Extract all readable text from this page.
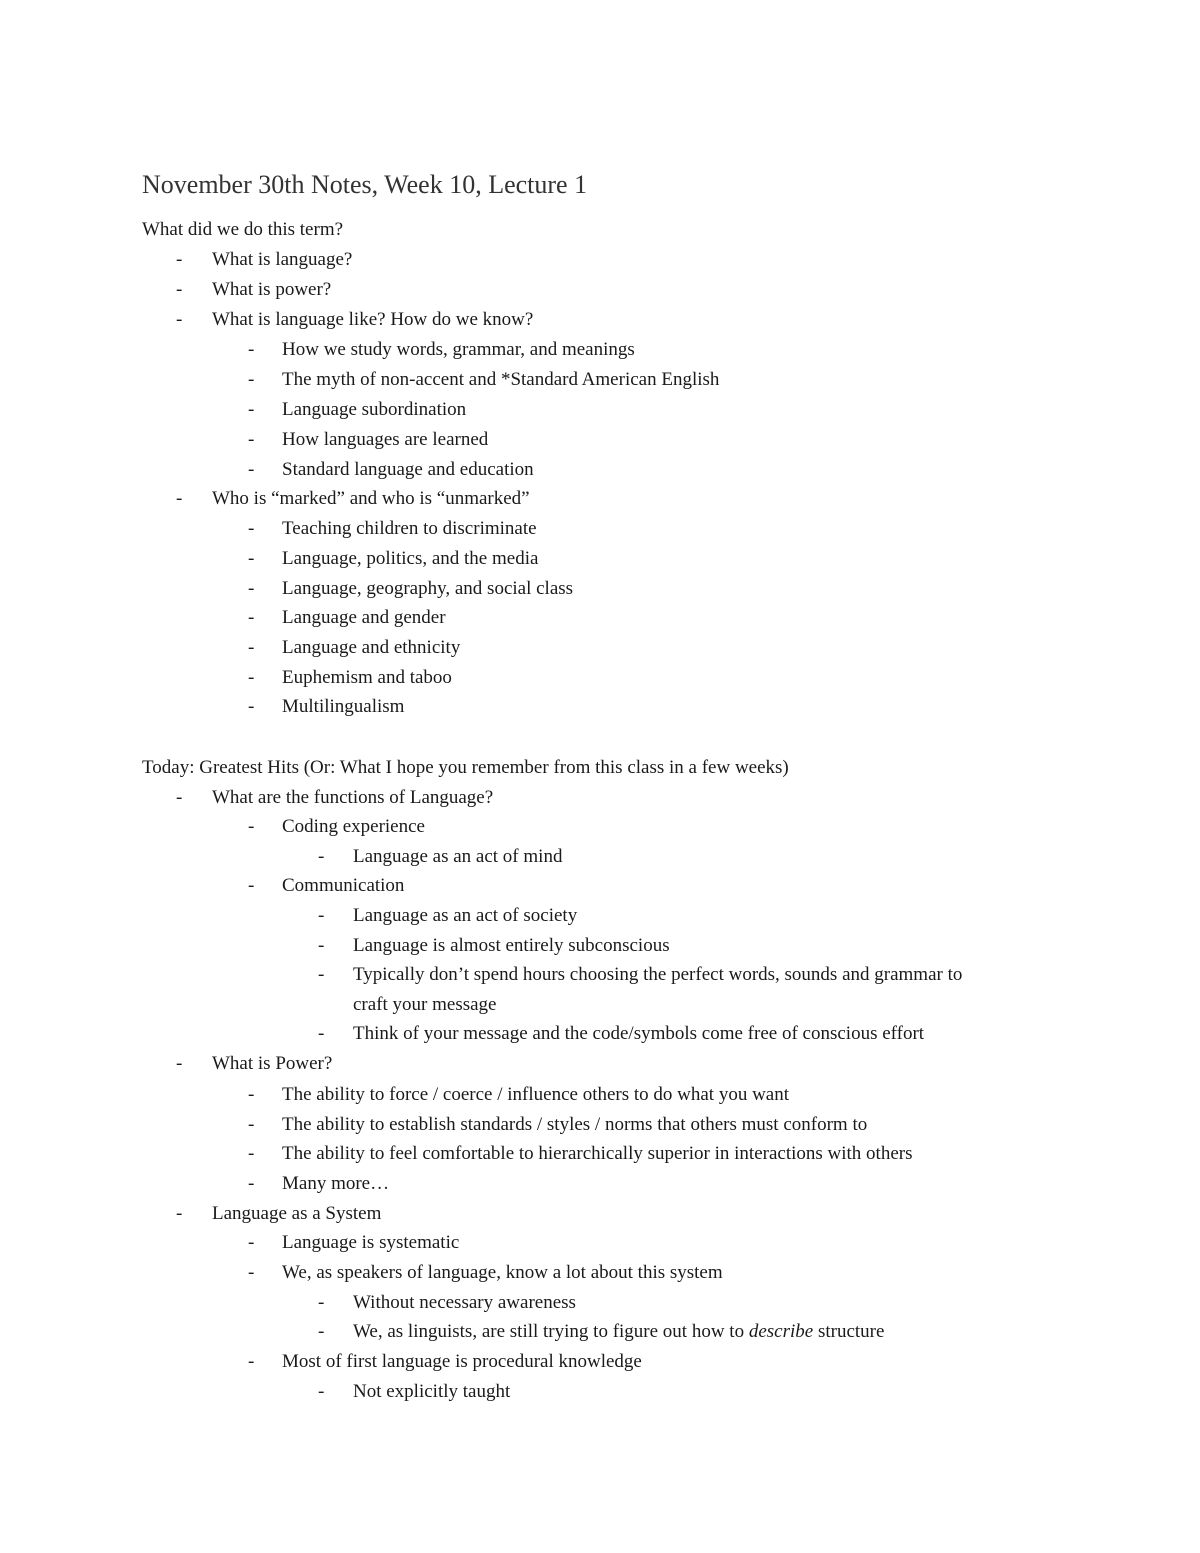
November 30th Notes, Week 10, Lecture 1

What did we do this term?

- What is language?
- What is power?
- What is language like? How do we know?
- How we study words, grammar, and meanings
- The myth of non-accent and *Standard American English
- Language subordination
- How languages are learned
- Standard language and education
- Who is “marked” and who is “unmarked”
- Teaching children to discriminate
- Language, politics, and the media
- Language, geography, and social class
- Language and gender
- Language and ethnicity
- Euphemism and taboo
- Multilingualism

Today: Greatest Hits (Or: What I hope you remember from this class in a few weeks)

- What are the functions of Language?
- Coding experience
- Language as an act of mind
- Communication
- Language as an act of society
- Language is almost entirely subconscious
- Typically don’t spend hours choosing the perfect words, sounds and grammar to
craft your message
- Think of your message and the code/symbols come free of conscious effort
- What is Power?
- The ability to force / coerce / influence others to do what you want
- The ability to establish standards / styles / norms that others must conform to
- The ability to feel comfortable to hierarchically superior in interactions with others
- Many more…
- Language as a System
- Language is systematic
- We, as speakers of language, know a lot about this system
- Without necessary awareness
- We, as linguists, are still trying to figure out how to describe structure
- Most of first language is procedural knowledge
- Not explicitly taught
